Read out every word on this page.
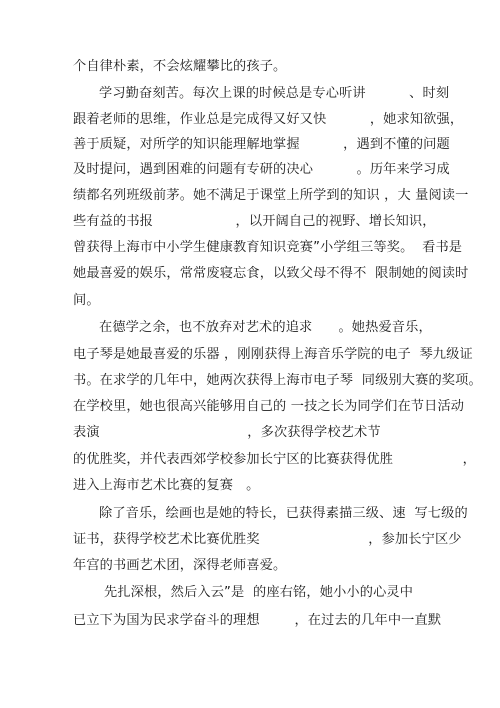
个自律朴素，不会炫耀攀比的孩子。
学习勤奋刻苦。每次上课的时候总是专心听讲          、时刻
跟着老师的思维，作业总是完成得又好又快          ，她求知欲强，
善于质疑，对所学的知识能理解地掌握          ，遇到不懂的问题
及时提问，遇到困难的问题有专研的决心          。历年来学习成
绩都名列班级前茅。她不满足于课堂上所学到的知识 ，大 量阅读一
些有益的书报                   ，以开阔自己的视野、增长知识，
曾获得上海市中小学生健康教育知识竞赛”小学组三等奖。  看书是
她最喜爱的娱乐，常常废寝忘食，以致父母不得不  限制她的阅读时
间。
在德学之余，也不放弃对艺术的追求      。她热爱音乐，
电子琴是她最喜爱的乐器 ，刚刚获得上海音乐学院的电子  琴九级证
书。在求学的几年中，她两次获得上海市电子琴  同级别大赛的奖项。
在学校里，她也很高兴能够用自己的 一技之长为同学们在节日活动
表演                                  ，多次获得学校艺术节
的优胜奖，并代表西郊学校参加长宁区的比赛获得优胜                ，
进入上海市艺术比赛的复赛   。
除了音乐，绘画也是她的特长，已获得素描三级、速  写七级的
证书，获得学校艺术比赛优胜奖                         ，参加长宁区少
年宫的书画艺术团，深得老师喜爱。
先扎深根，然后入云”是  的座右铭，她小小的心灵中
已立下为国为民求学奋斗的理想        ，在过去的几年中一直默
